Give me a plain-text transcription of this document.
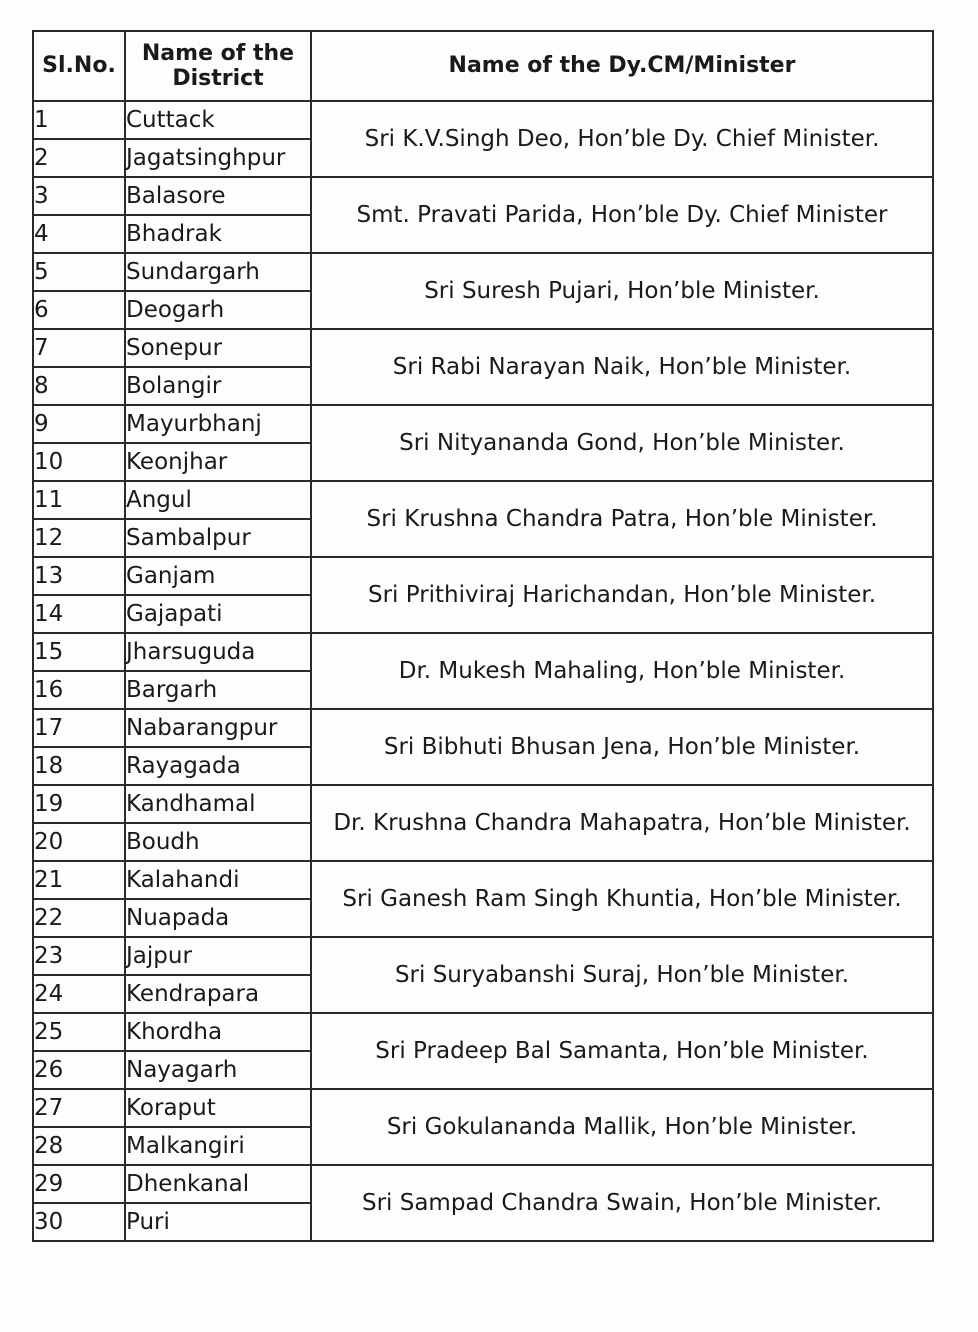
Sl.No.	Name of the District	Name of the Dy.CM/Minister
1	Cuttack	Sri K.V.Singh Deo, Hon’ble Dy. Chief Minister.
2	Jagatsinghpur	
3	Balasore	Smt. Pravati Parida, Hon’ble Dy. Chief Minister
4	Bhadrak	
5	Sundargarh	Sri Suresh Pujari, Hon’ble Minister.
6	Deogarh	
7	Sonepur	Sri Rabi Narayan Naik, Hon’ble Minister.
8	Bolangir	
9	Mayurbhanj	Sri Nityananda Gond, Hon’ble Minister.
10	Keonjhar	
11	Angul	Sri Krushna Chandra Patra, Hon’ble Minister.
12	Sambalpur	
13	Ganjam	Sri Prithiviraj Harichandan, Hon’ble Minister.
14	Gajapati	
15	Jharsuguda	Dr. Mukesh Mahaling, Hon’ble Minister.
16	Bargarh	
17	Nabarangpur	Sri Bibhuti Bhusan Jena, Hon’ble Minister.
18	Rayagada	
19	Kandhamal	Dr. Krushna Chandra Mahapatra, Hon’ble Minister.
20	Boudh	
21	Kalahandi	Sri Ganesh Ram Singh Khuntia, Hon’ble Minister.
22	Nuapada	
23	Jajpur	Sri Suryabanshi Suraj, Hon’ble Minister.
24	Kendrapara	
25	Khordha	Sri Pradeep Bal Samanta, Hon’ble Minister.
26	Nayagarh	
27	Koraput	Sri Gokulananda Mallik, Hon’ble Minister.
28	Malkangiri	
29	Dhenkanal	Sri Sampad Chandra Swain, Hon’ble Minister.
30	Puri	
